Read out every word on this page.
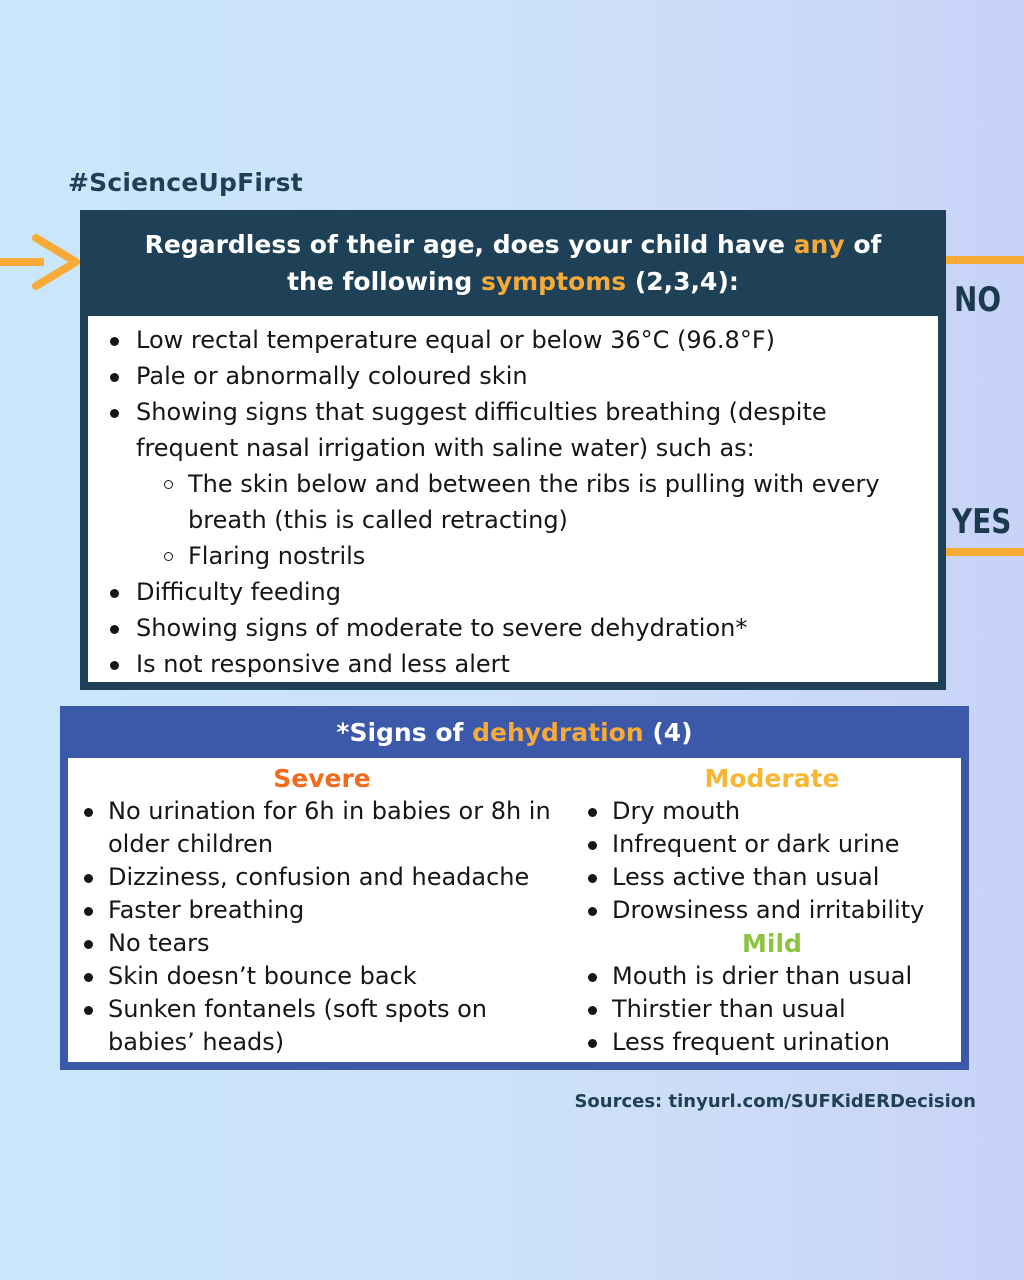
#ScienceUpFirst
NO
YES
Regardless of their age, does your child have any of the following symptoms (2,3,4):
Low rectal temperature equal or below 36°C (96.8°F)
Pale or abnormally coloured skin
Showing signs that suggest difficulties breathing (despite frequent nasal irrigation with saline water) such as:
The skin below and between the ribs is pulling with every breath (this is called retracting)
Flaring nostrils
Difficulty feeding
Showing signs of moderate to severe dehydration*
Is not responsive and less alert
*Signs of
dehydration
(4)
Severe
No urination for 6h in babies or 8h in older children
Dizziness, confusion and headache
Faster breathing
No tears
Skin doesn’t bounce back
Sunken fontanels (soft spots on babies’ heads)
Moderate
Dry mouth
Infrequent or dark urine
Less active than usual
Drowsiness and irritability
Mild
Mouth is drier than usual
Thirstier than usual
Less frequent urination
Sources: tinyurl.com/SUFKidERDecision
